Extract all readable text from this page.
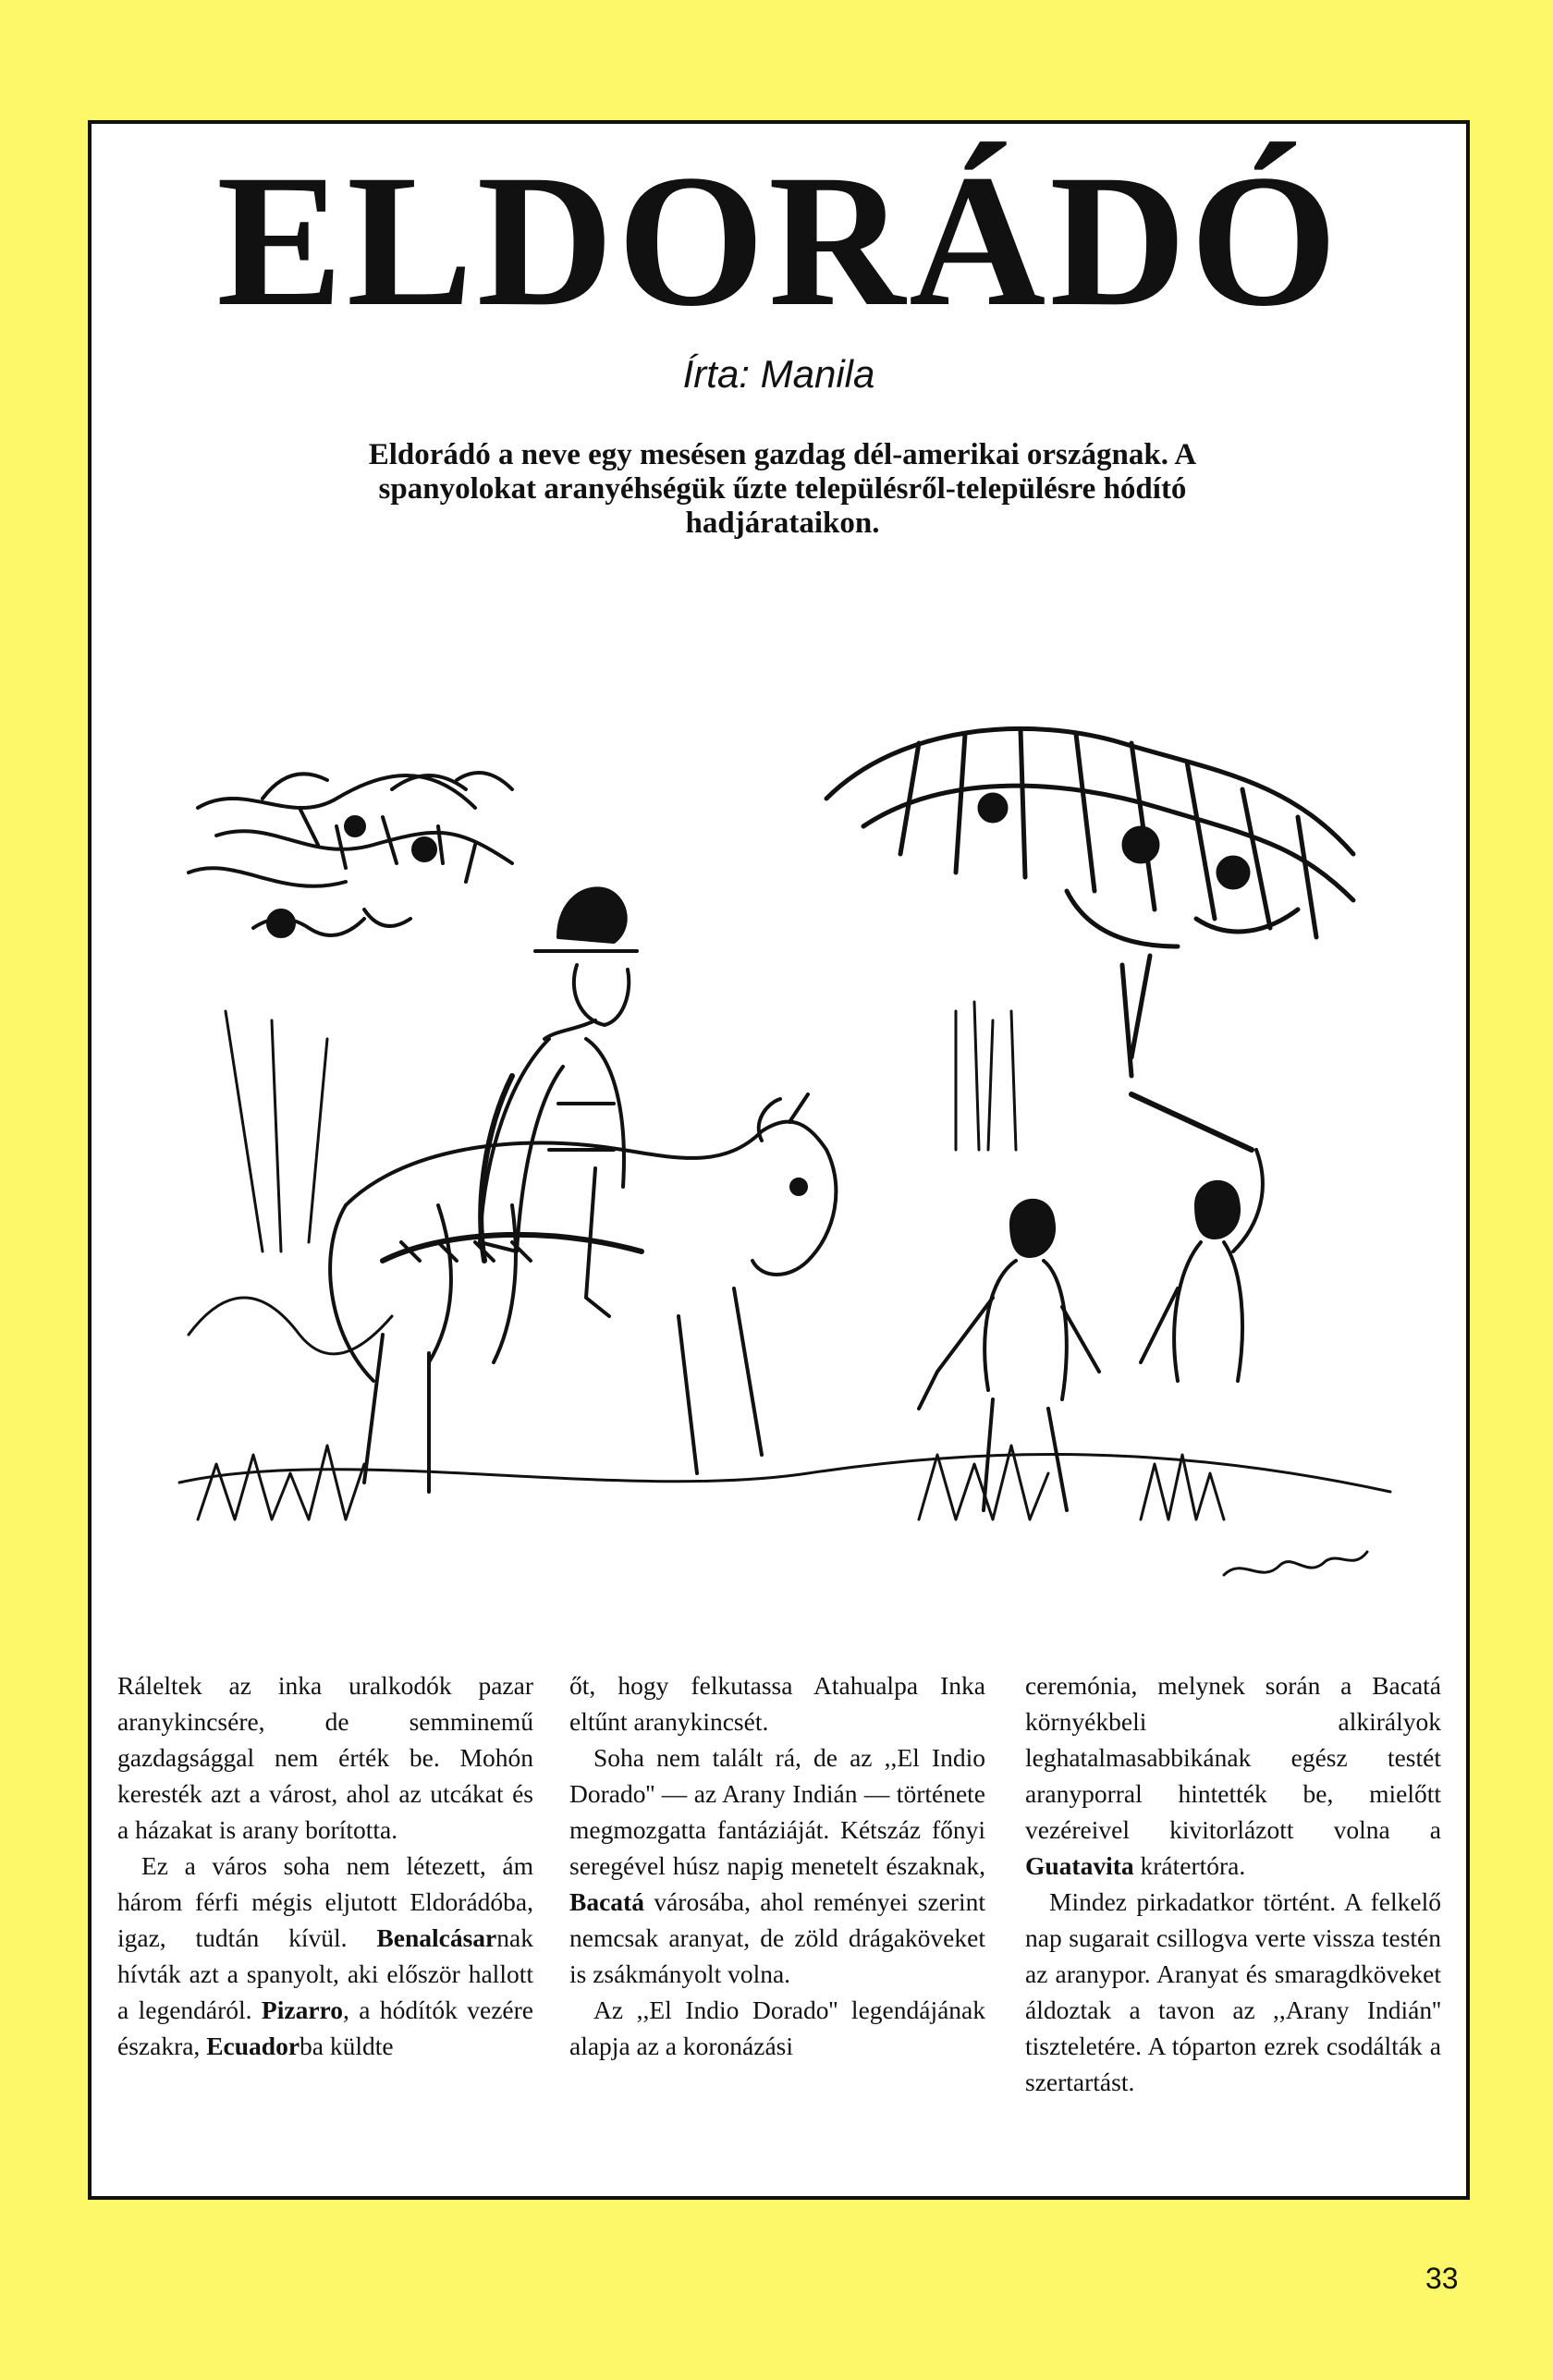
ELDORÁDÓ

Írta: Manila

Eldorádó a neve egy mesésen gazdag dél-amerikai országnak. A spanyolokat aranyéhségük űzte településről-településre hódító hadjárataikon.

Ráleltek az inka uralkodók pazar aranykincsére, de semminemű gazdagsággal nem érték be. Mohón keresték azt a várost, ahol az utcákat és a házakat is arany borította.

Ez a város soha nem létezett, ám három férfi mégis eljutott Eldorádóba, igaz, tudtán kívül. Benalcásarnak hívták azt a spanyolt, aki először hallott a legendáról. Pizarro, a hódítók vezére északra, Ecuadorba küldte

őt, hogy felkutassa Atahualpa Inka eltűnt aranykincsét.

Soha nem talált rá, de az ,,El Indio Dorado'' — az Arany Indián — története megmozgatta fantáziáját. Kétszáz főnyi seregével húsz napig menetelt északnak, Bacatá városába, ahol reményei szerint nemcsak aranyat, de zöld drágaköveket is zsákmányolt volna.

Az ,,El Indio Dorado'' legendájának alapja az a koronázási

ceremónia, melynek során a Bacatá környékbeli alkirályok leghatalmasabbikának egész testét aranyporral hintették be, mielőtt vezéreivel kivitorlázott volna a Guatavita krátertóra.

Mindez pirkadatkor történt. A felkelő nap sugarait csillogva verte vissza testén az aranypor. Aranyat és smaragdköveket áldoztak a tavon az ,,Arany Indián'' tiszteletére. A tóparton ezrek csodálták a szertartást.

33
